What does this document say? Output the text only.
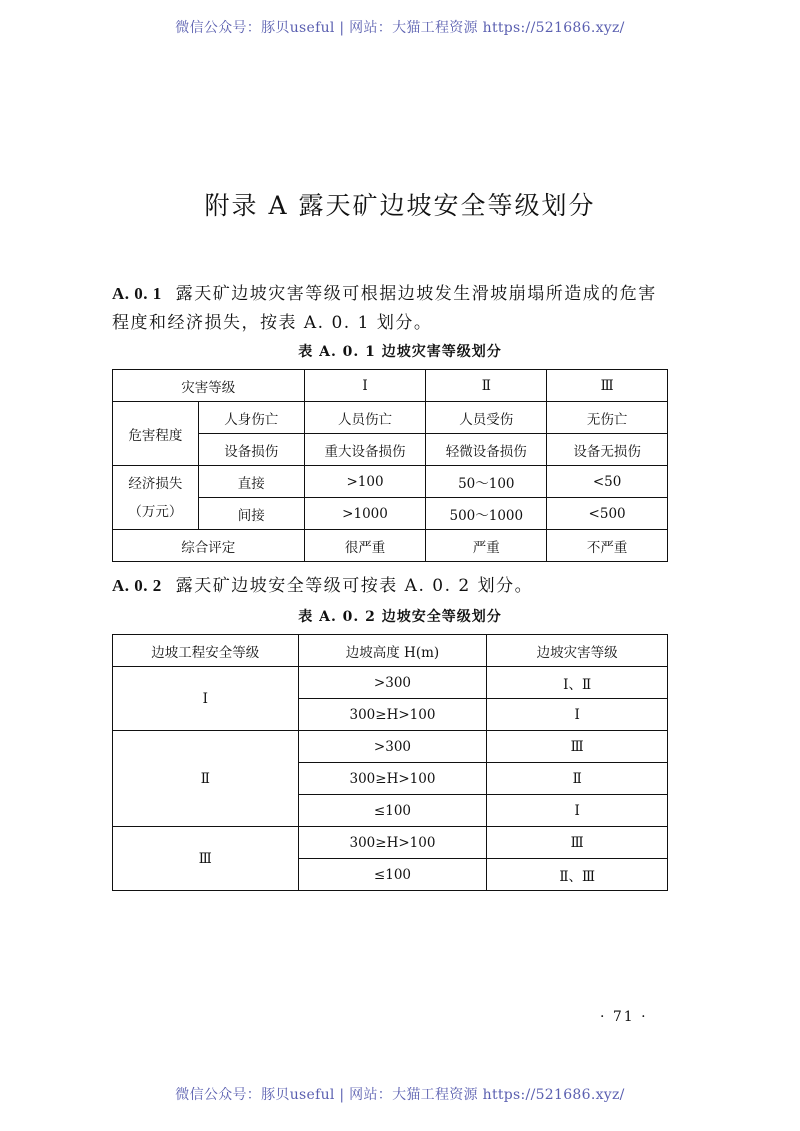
微信公众号：豚贝useful | 网站：大猫工程资源 https://521686.xyz/
附录 A 露天矿边坡安全等级划分
A. 0. 1 露天矿边坡灾害等级可根据边坡发生滑坡崩塌所造成的危害程度和经济损失，按表 A. 0. 1 划分。
表 A. 0. 1 边坡灾害等级划分
灾害等级		Ⅰ	Ⅱ	Ⅲ
危害程度	人身伤亡	人员伤亡	人员受伤	无伤亡
	设备损伤	重大设备损伤	轻微设备损伤	设备无损伤

经济损失
（万元）	直接	>100	50～100	<50
	间接	>1000	500～1000	<500
综合评定		很严重	严重	不严重
A. 0. 2 露天矿边坡安全等级可按表 A. 0. 2 划分。
表 A. 0. 2 边坡安全等级划分
边坡工程安全等级	边坡高度 H(m)	边坡灾害等级
Ⅰ	>300	Ⅰ、Ⅱ
	300≥H>100	Ⅰ
Ⅱ	>300	Ⅲ
	300≥H>100	Ⅱ
	≤100	Ⅰ
Ⅲ	300≥H>100	Ⅲ
	≤100	Ⅱ、Ⅲ
· 71 ·
微信公众号：豚贝useful | 网站：大猫工程资源 https://521686.xyz/
